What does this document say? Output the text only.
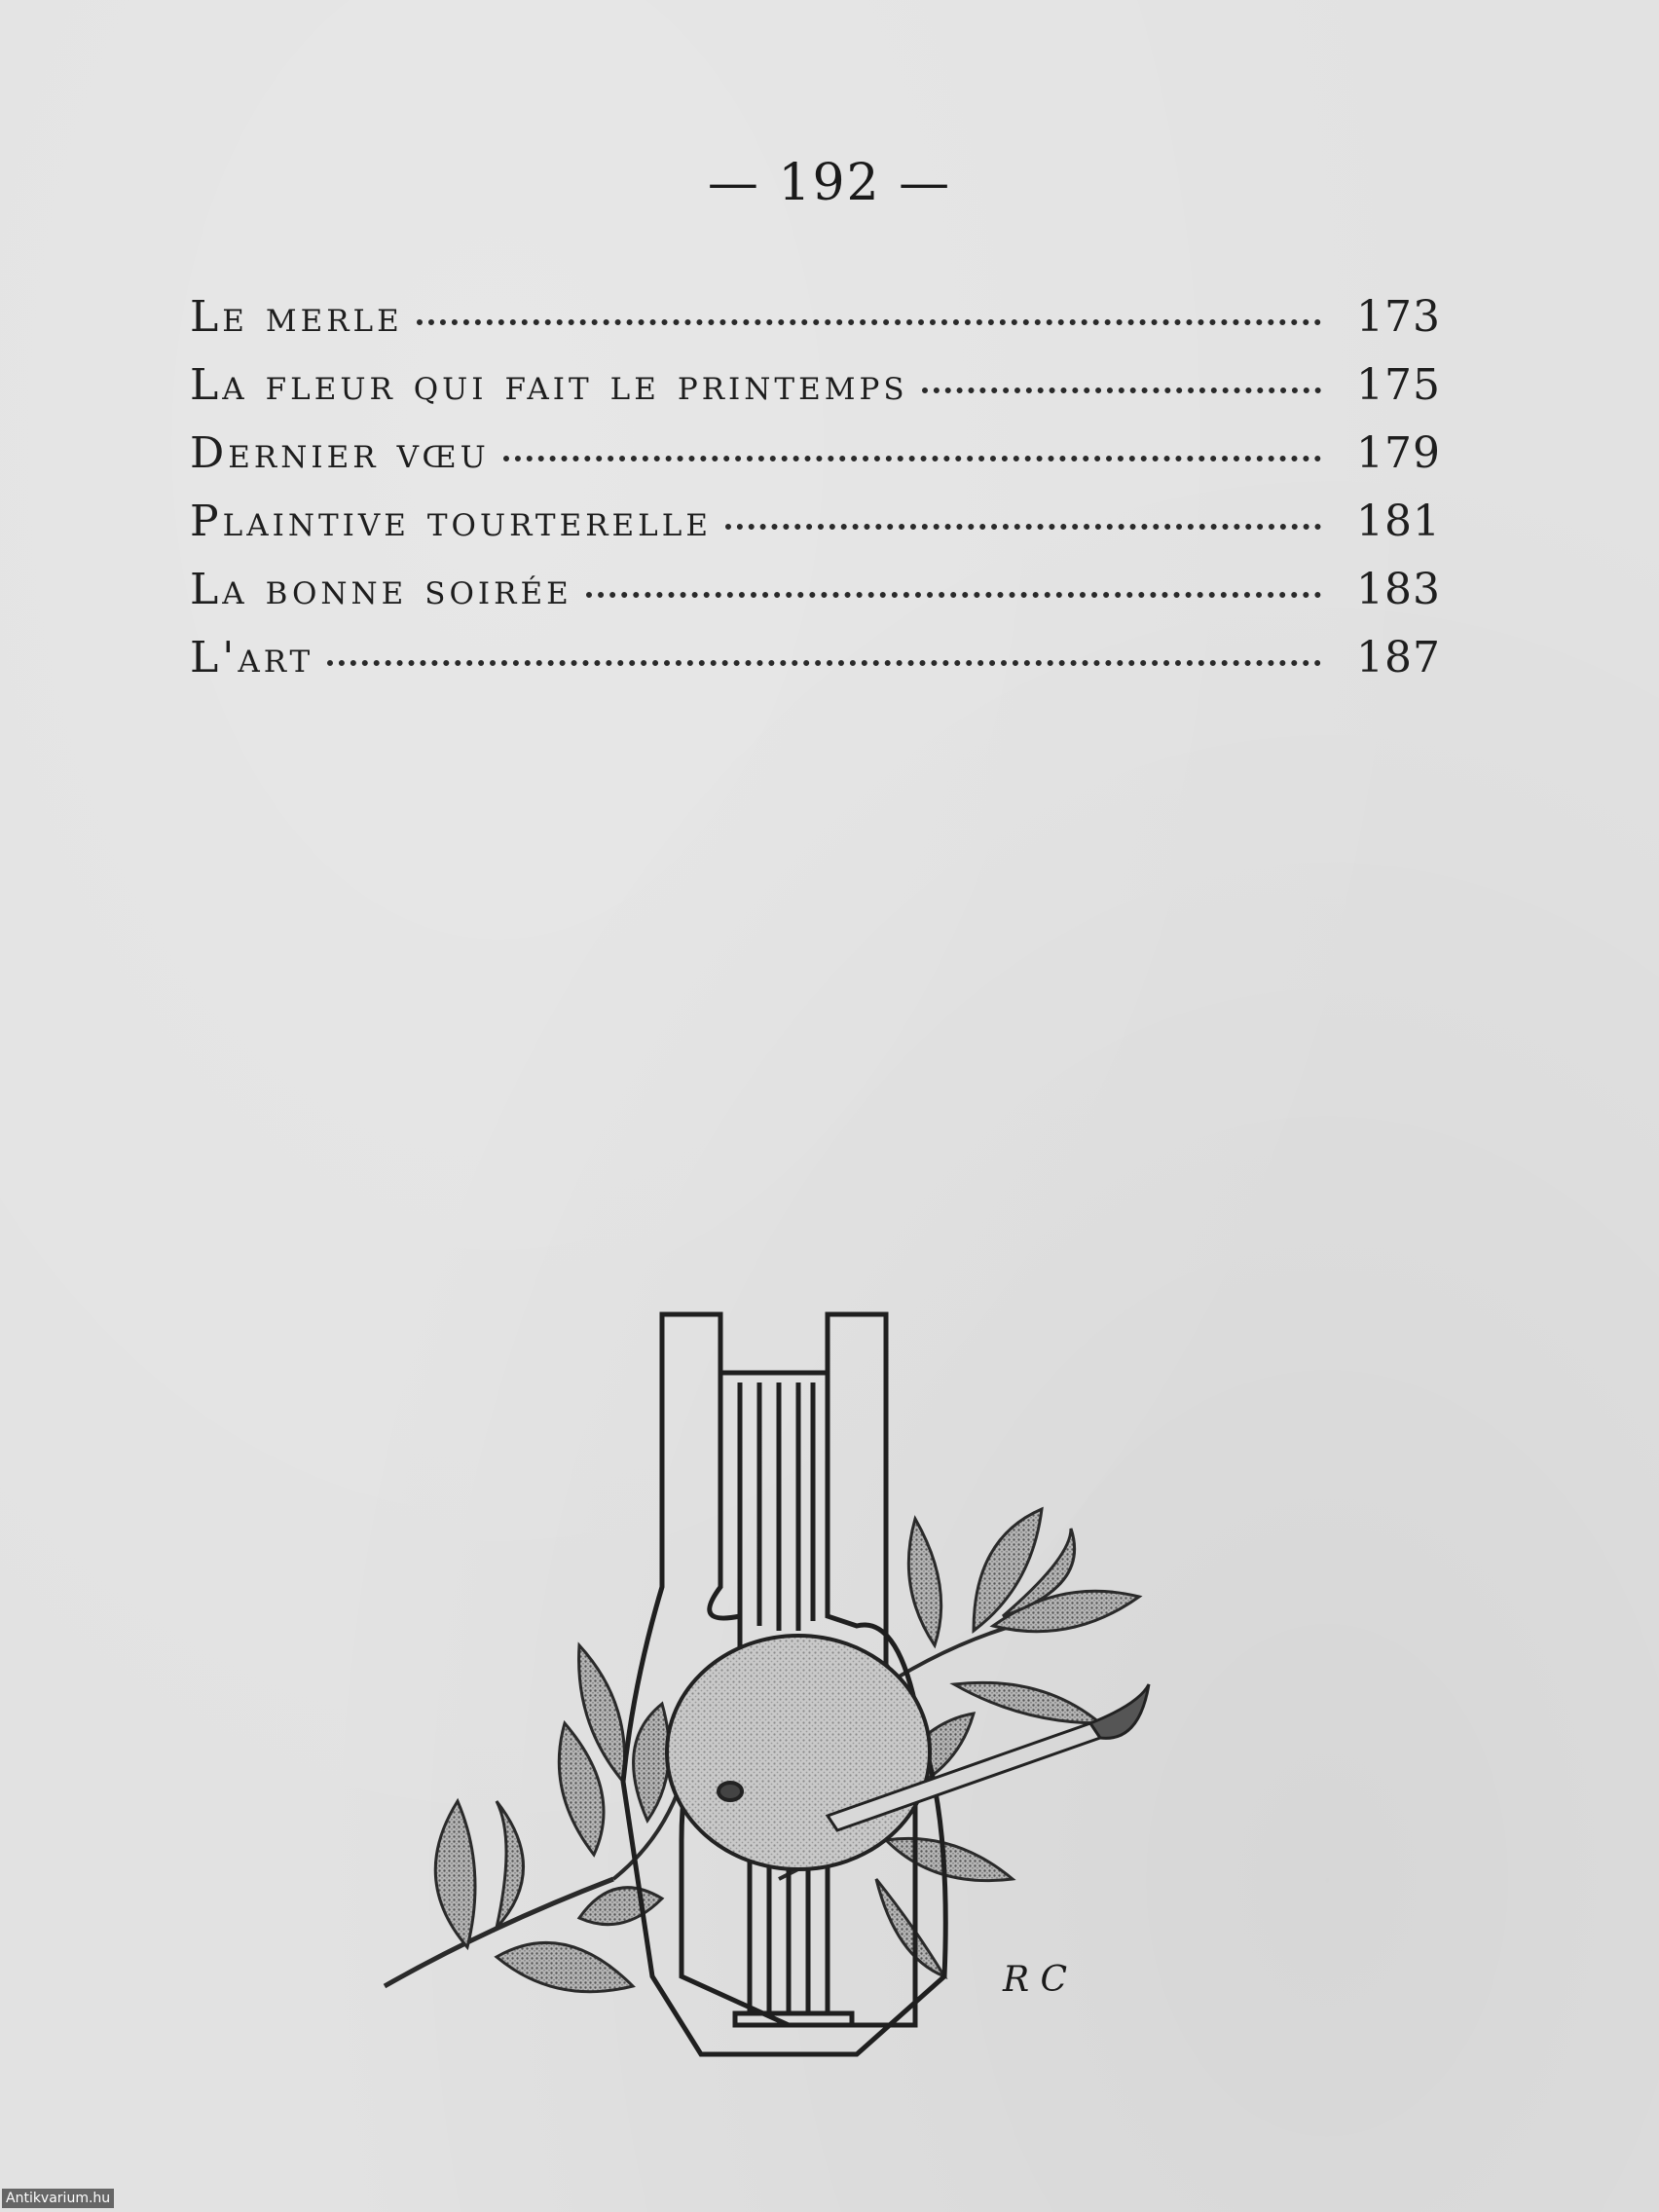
— 192 —
Le merle	173
La fleur qui fait le printemps	175
Dernier vœu	179
Plaintive tourterelle	181
La bonne soirée	183
L'art	187
R C
Antikvarium.hu
